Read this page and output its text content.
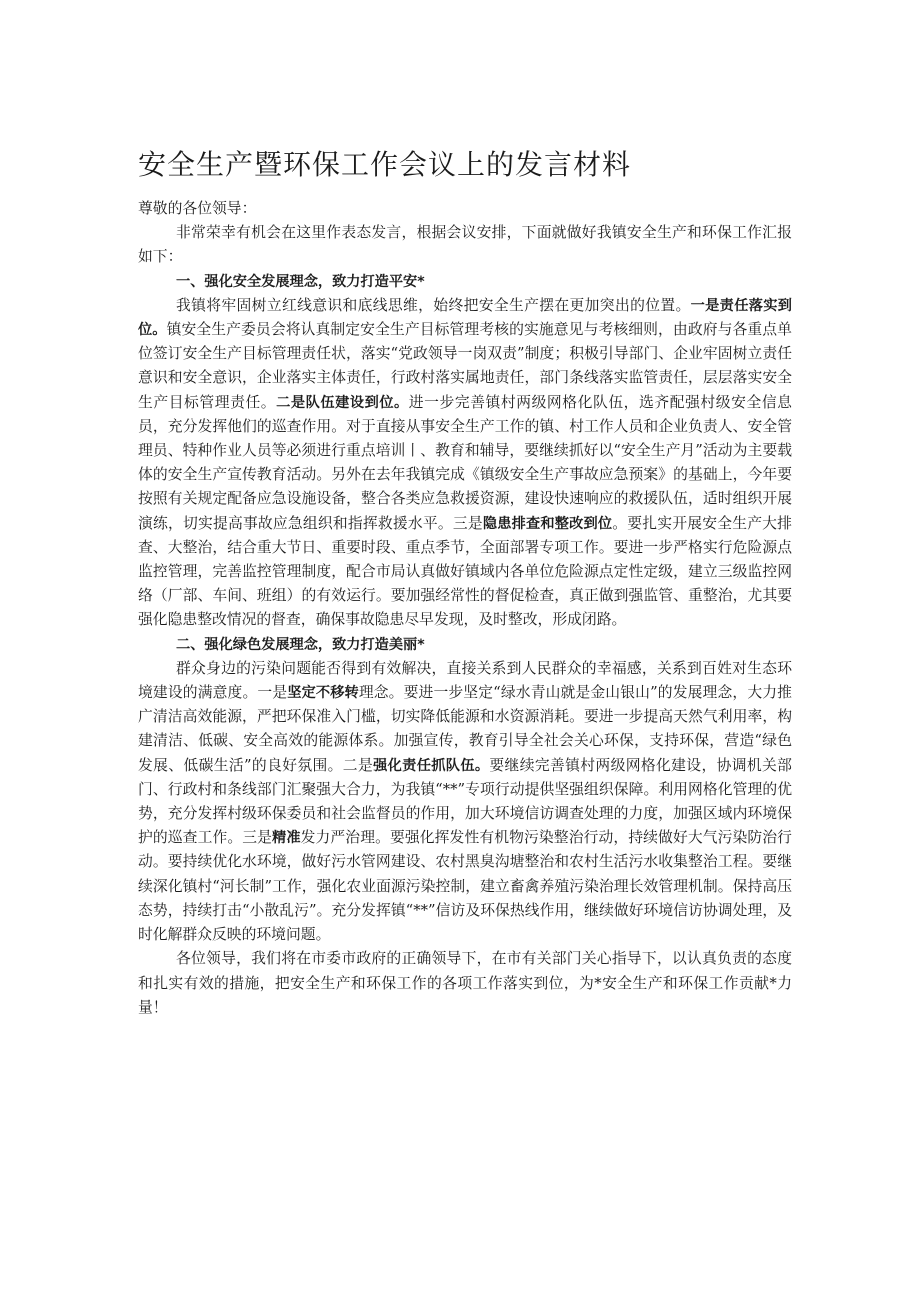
安全生产暨环保工作会议上的发言材料

尊敬的各位领导：

非常荣幸有机会在这里作表态发言，根据会议安排，下面就做好我镇安全生产和环保工作汇报如下：

一、强化安全发展理念，致力打造平安*

我镇将牢固树立红线意识和底线思维，始终把安全生产摆在更加突出的位置。一是责任落实到位。镇安全生产委员会将认真制定安全生产目标管理考核的实施意见与考核细则，由政府与各重点单位签订安全生产目标管理责任状，落实“党政领导一岗双责”制度；积极引导部门、企业牢固树立责任意识和安全意识，企业落实主体责任，行政村落实属地责任，部门条线落实监管责任，层层落实安全生产目标管理责任。二是队伍建设到位。进一步完善镇村两级网格化队伍，选齐配强村级安全信息员，充分发挥他们的巡查作用。对于直接从事安全生产工作的镇、村工作人员和企业负责人、安全管理员、特种作业人员等必须进行重点培训丨、教育和辅导，要继续抓好以“安全生产月”活动为主要载体的安全生产宣传教育活动。另外在去年我镇完成《镇级安全生产事故应急预案》的基础上，今年要按照有关规定配备应急设施设备，整合各类应急救援资源，建设快速响应的救援队伍，适时组织开展演练，切实提高事故应急组织和指挥救援水平。三是隐患排查和整改到位。要扎实开展安全生产大排查、大整治，结合重大节日、重要时段、重点季节，全面部署专项工作。要进一步严格实行危险源点监控管理，完善监控管理制度，配合市局认真做好镇域内各单位危险源点定性定级，建立三级监控网络（厂部、车间、班组）的有效运行。要加强经常性的督促检查，真正做到强监管、重整治，尤其要强化隐患整改情况的督查，确保事故隐患尽早发现，及时整改，形成闭路。

二、强化绿色发展理念，致力打造美丽*

群众身边的污染问题能否得到有效解决，直接关系到人民群众的幸福感，关系到百姓对生态环境建设的满意度。一是坚定不移转理念。要进一步坚定“绿水青山就是金山银山”的发展理念，大力推广清洁高效能源，严把环保准入门槛，切实降低能源和水资源消耗。要进一步提高天然气利用率，构建清洁、低碳、安全高效的能源体系。加强宣传，教育引导全社会关心环保，支持环保，营造“绿色发展、低碳生活”的良好氛围。二是强化责任抓队伍。要继续完善镇村两级网格化建设，协调机关部门、行政村和条线部门汇聚强大合力，为我镇“**”专项行动提供坚强组织保障。利用网格化管理的优势，充分发挥村级环保委员和社会监督员的作用，加大环境信访调查处理的力度，加强区域内环境保护的巡查工作。三是精准发力严治理。要强化挥发性有机物污染整治行动，持续做好大气污染防治行动。要持续优化水环境，做好污水管网建设、农村黑臭沟塘整治和农村生活污水收集整治工程。要继续深化镇村“河长制”工作，强化农业面源污染控制，建立畜禽养殖污染治理长效管理机制。保持高压态势，持续打击“小散乱污”。充分发挥镇“**”信访及环保热线作用，继续做好环境信访协调处理，及时化解群众反映的环境问题。

各位领导，我们将在市委市政府的正确领导下，在市有关部门关心指导下，以认真负责的态度和扎实有效的措施，把安全生产和环保工作的各项工作落实到位，为*安全生产和环保工作贡献*力量！
